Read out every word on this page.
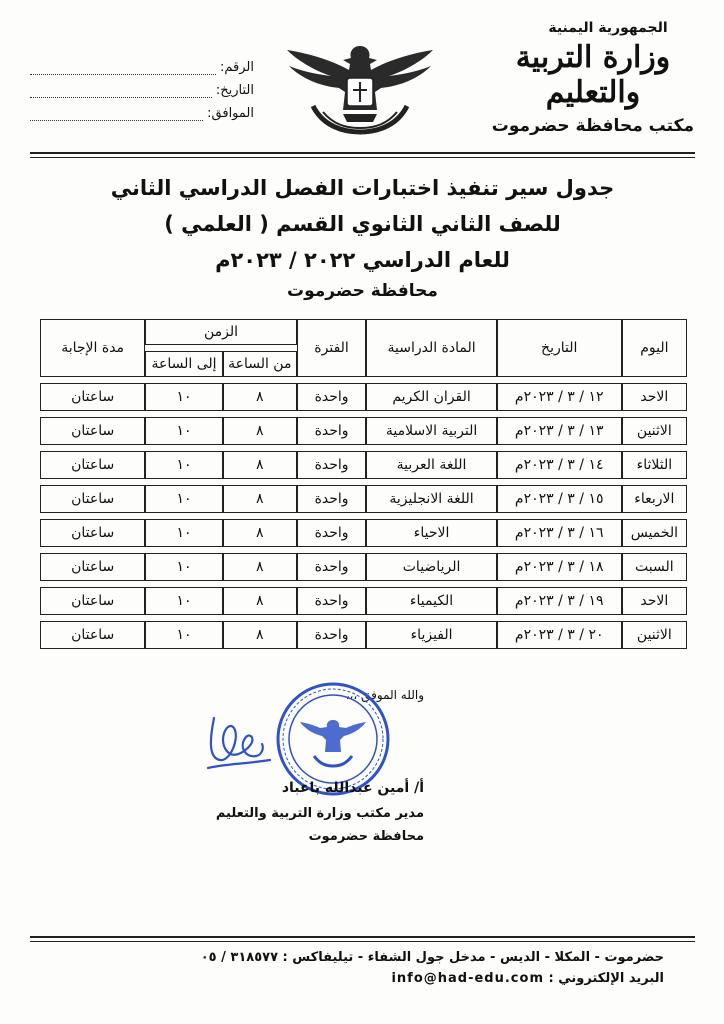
الجمهورية اليمنية
وزارة التربية والتعليم
مكتب محافظة حضرموت
الرقم
:
التاريخ
:
الموافق
:
جدول سير تنفيذ اختبارات الفصل الدراسي الثاني
للصف الثاني الثانوي القسم ( العلمي )
للعام الدراسي ٢٠٢٢ / ٢٠٢٣م
محافظة حضرموت
اليوم	التاريخ	المادة الدراسية	الفترة	الزمن		مدة الإجابة
				من الساعة	إلى الساعة	
الاحد	١٢ / ٣ / ٢٠٢٣م	القران الكريم	واحدة	٨	١٠	ساعتان
الاثنين	١٣ / ٣ / ٢٠٢٣م	التربية الاسلامية	واحدة	٨	١٠	ساعتان
الثلاثاء	١٤ / ٣ / ٢٠٢٣م	اللغة العربية	واحدة	٨	١٠	ساعتان
الاربعاء	١٥ / ٣ / ٢٠٢٣م	اللغة الانجليزية	واحدة	٨	١٠	ساعتان
الخميس	١٦ / ٣ / ٢٠٢٣م	الاحياء	واحدة	٨	١٠	ساعتان
السبت	١٨ / ٣ / ٢٠٢٣م	الرياضيات	واحدة	٨	١٠	ساعتان
الاحد	١٩ / ٣ / ٢٠٢٣م	الكيمياء	واحدة	٨	١٠	ساعتان
الاثنين	٢٠ / ٣ / ٢٠٢٣م	الفيزياء	واحدة	٨	١٠	ساعتان
والله الموفق ،،،
أ/ أمين عبدالله باعباد
مدير مكتب وزارة التربية والتعليم
محافظة حضرموت
حضرموت - المكلا - الديس - مدخل جول الشفاء - تيليفاكس : ٣١٨٥٧٧ / ٠٥
البريد الإلكتروني : info@had-edu.com
